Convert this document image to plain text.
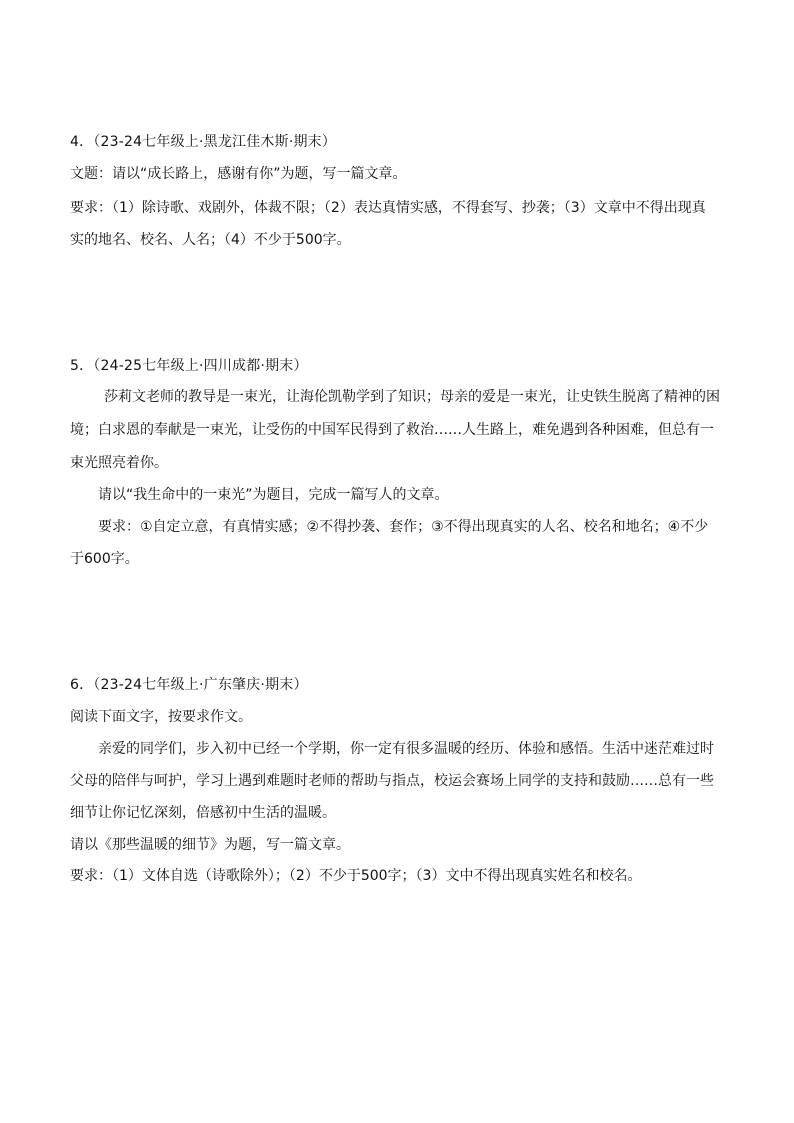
4．（23-24七年级上·黑龙江佳木斯·期末）
文题：请以“成长路上，感谢有你”为题，写一篇文章。
要求：（1）除诗歌、戏剧外，体裁不限；（2）表达真情实感，不得套写、抄袭；（3）文章中不得出现真
实的地名、校名、人名；（4）不少于500字。
5．（24-25七年级上·四川成都·期末）
莎莉文老师的教导是一束光，让海伦凯勒学到了知识；母亲的爱是一束光，让史铁生脱离了精神的困
境；白求恩的奉献是一束光，让受伤的中国军民得到了救治……人生路上，难免遇到各种困难，但总有一
束光照亮着你。
请以“我生命中的一束光”为题目，完成一篇写人的文章。
要求：①自定立意，有真情实感；②不得抄袭、套作；③不得出现真实的人名、校名和地名；④不少
于600字。
6．（23-24七年级上·广东肇庆·期末）
阅读下面文字，按要求作文。
亲爱的同学们，步入初中已经一个学期，你一定有很多温暖的经历、体验和感悟。生活中迷茫难过时
父母的陪伴与呵护，学习上遇到难题时老师的帮助与指点，校运会赛场上同学的支持和鼓励……总有一些
细节让你记忆深刻，倍感初中生活的温暖。
请以《那些温暖的细节》为题，写一篇文章。
要求：（1）文体自选（诗歌除外）；（2）不少于500字；（3）文中不得出现真实姓名和校名。
